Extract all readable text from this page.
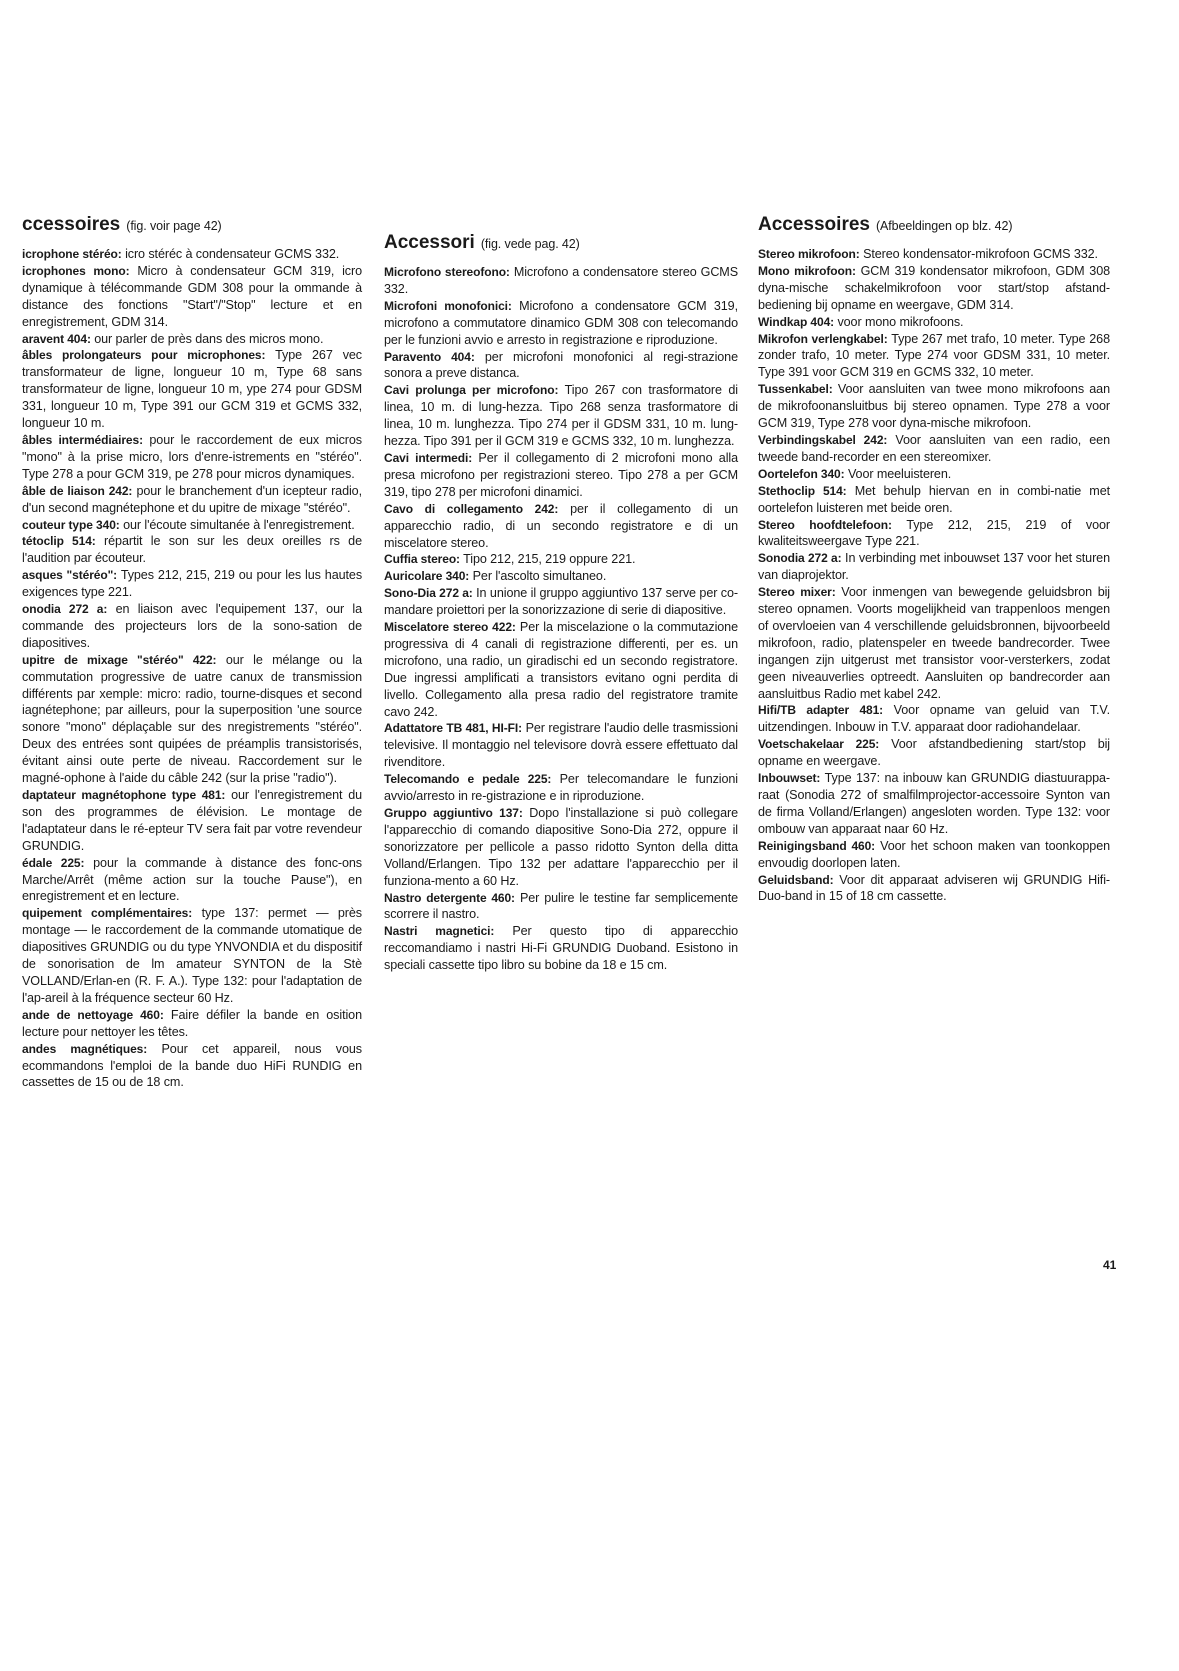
ccessoires (fig. voir page 42)

icrophone stéréo: icro stéréc à condensateur GCMS 332.

icrophones mono: Micro à condensateur GCM 319, icro dynamique à télécommande GDM 308 pour la ommande à distance des fonctions "Start"/"Stop" lecture et en enregistrement, GDM 314.

aravent 404: our parler de près dans des micros mono.

âbles prolongateurs pour microphones: Type 267 vec transformateur de ligne, longueur 10 m, Type 68 sans transformateur de ligne, longueur 10 m, ype 274 pour GDSM 331, longueur 10 m, Type 391 our GCM 319 et GCMS 332, longueur 10 m.

âbles intermédiaires: pour le raccordement de eux micros "mono" à la prise micro, lors d'enre-istrements en "stéréo". Type 278 a pour GCM 319, pe 278 pour micros dynamiques.

âble de liaison 242: pour le branchement d'un icepteur radio, d'un second magnétephone et du upitre de mixage "stéréo".

couteur type 340: our l'écoute simultanée à l'enregistrement.

tétoclip 514: répartit le son sur les deux oreilles rs de l'audition par écouteur.

asques "stéréo": Types 212, 215, 219 ou pour les lus hautes exigences type 221.

onodia 272 a: en liaison avec l'equipement 137, our la commande des projecteurs lors de la sono-sation de diapositives.

upitre de mixage "stéréo" 422: our le mélange ou la commutation progressive de uatre canux de transmission différents par xemple: micro: radio, tourne-disques et second iagnétephone; par ailleurs, pour la superposition 'une source sonore "mono" déplaçable sur des nregistrements "stéréo". Deux des entrées sont quipées de préamplis transistorisés, évitant ainsi oute perte de niveau. Raccordement sur le magné-ophone à l'aide du câble 242 (sur la prise "radio").

daptateur magnétophone type 481: our l'enregistrement du son des programmes de élévision. Le montage de l'adaptateur dans le ré-epteur TV sera fait par votre revendeur GRUNDIG.

édale 225: pour la commande à distance des fonc-ons Marche/Arrêt (même action sur la touche Pause"), en enregistrement et en lecture.

quipement complémentaires: type 137: permet — près montage — le raccordement de la commande utomatique de diapositives GRUNDIG ou du type YNVONDIA et du dispositif de sonorisation de lm amateur SYNTON de la Stè VOLLAND/Erlan-en (R. F. A.). Type 132: pour l'adaptation de l'ap-areil à la fréquence secteur 60 Hz.

ande de nettoyage 460: Faire défiler la bande en osition lecture pour nettoyer les têtes.

andes magnétiques: Pour cet appareil, nous vous ecommandons l'emploi de la bande duo HiFi RUNDIG en cassettes de 15 ou de 18 cm.

Accessori (fig. vede pag. 42)

Microfono stereofono: Microfono a condensatore stereo GCMS 332.

Microfoni monofonici: Microfono a condensatore GCM 319, microfono a commutatore dinamico GDM 308 con telecomando per le funzioni avvio e arresto in registrazione e riproduzione.

Paravento 404: per microfoni monofonici al regi-strazione sonora a preve distanca.

Cavi prolunga per microfono: Tipo 267 con trasformatore di linea, 10 m. di lung-hezza. Tipo 268 senza trasformatore di linea, 10 m. lunghezza. Tipo 274 per il GDSM 331, 10 m. lung-hezza. Tipo 391 per il GCM 319 e GCMS 332, 10 m. lunghezza.

Cavi intermedi: Per il collegamento di 2 microfoni mono alla presa microfono per registrazioni stereo. Tipo 278 a per GCM 319, tipo 278 per microfoni dinamici.

Cavo di collegamento 242: per il collegamento di un apparecchio radio, di un secondo registratore e di un miscelatore stereo.

Cuffia stereo: Tipo 212, 215, 219 oppure 221.

Auricolare 340: Per l'ascolto simultaneo.

Sono-Dia 272 a: In unione il gruppo aggiuntivo 137 serve per co-mandare proiettori per la sonorizzazione di serie di diapositive.

Miscelatore stereo 422: Per la miscelazione o la commutazione progressiva di 4 canali di registrazione differenti, per es. un microfono, una radio, un giradischi ed un secondo registratore. Due ingressi amplificati a transistors evitano ogni perdita di livello. Collegamento alla presa radio del registratore tramite cavo 242.

Adattatore TB 481, HI-FI: Per registrare l'audio delle trasmissioni televisive. Il montaggio nel televisore dovrà essere effettuato dal rivenditore.

Telecomando e pedale 225: Per telecomandare le funzioni avvio/arresto in re-gistrazione e in riproduzione.

Gruppo aggiuntivo 137: Dopo l'installazione si può collegare l'apparecchio di comando diapositive Sono-Dia 272, oppure il sonorizzatore per pellicole a passo ridotto Synton della ditta Volland/Erlangen. Tipo 132 per adattare l'apparecchio per il funziona-mento a 60 Hz.

Nastro detergente 460: Per pulire le testine far semplicemente scorrere il nastro.

Nastri magnetici: Per questo tipo di apparecchio reccomandiamo i nastri Hi-Fi GRUNDIG Duoband. Esistono in speciali cassette tipo libro su bobine da 18 e 15 cm.

Accessoires (Afbeeldingen op blz. 42)

Stereo mikrofoon: Stereo kondensator-mikrofoon GCMS 332.

Mono mikrofoon: GCM 319 kondensator mikrofoon, GDM 308 dyna-mische schakelmikrofoon voor start/stop afstand-bediening bij opname en weergave, GDM 314.

Windkap 404: voor mono mikrofoons.

Mikrofon verlengkabel: Type 267 met trafo, 10 meter. Type 268 zonder trafo, 10 meter. Type 274 voor GDSM 331, 10 meter. Type 391 voor GCM 319 en GCMS 332, 10 meter.

Tussenkabel: Voor aansluiten van twee mono mikrofoons aan de mikrofoonansluitbus bij stereo opnamen. Type 278 a voor GCM 319, Type 278 voor dyna-mische mikrofoon.

Verbindingskabel 242: Voor aansluiten van een radio, een tweede band-recorder en een stereomixer.

Oortelefon 340: Voor meeluisteren.

Stethoclip 514: Met behulp hiervan en in combi-natie met oortelefon luisteren met beide oren.

Stereo hoofdtelefoon: Type 212, 215, 219 of voor kwaliteitsweergave Type 221.

Sonodia 272 a: In verbinding met inbouwset 137 voor het sturen van diaprojektor.

Stereo mixer: Voor inmengen van bewegende geluidsbron bij stereo opnamen. Voorts mogelijkheid van trappenloos mengen of overvloeien van 4 verschillende geluidsbronnen, bijvoorbeeld mikrofoon, radio, platenspeler en tweede bandrecorder. Twee ingangen zijn uitgerust met transistor voor-versterkers, zodat geen niveauverlies optreedt. Aansluiten op bandrecorder aan aansluitbus Radio met kabel 242.

Hifi/TB adapter 481: Voor opname van geluid van T.V. uitzendingen. Inbouw in T.V. apparaat door radiohandelaar.

Voetschakelaar 225: Voor afstandbediening start/stop bij opname en weergave.

Inbouwset: Type 137: na inbouw kan GRUNDIG diastuurappa-raat (Sonodia 272 of smalfilmprojector-accessoire Synton van de firma Volland/Erlangen) angesloten worden. Type 132: voor ombouw van apparaat naar 60 Hz.

Reinigingsband 460: Voor het schoon maken van toonkoppen envoudig doorlopen laten.

Geluidsband: Voor dit apparaat adviseren wij GRUNDIG Hifi-Duo-band in 15 of 18 cm cassette.

41
